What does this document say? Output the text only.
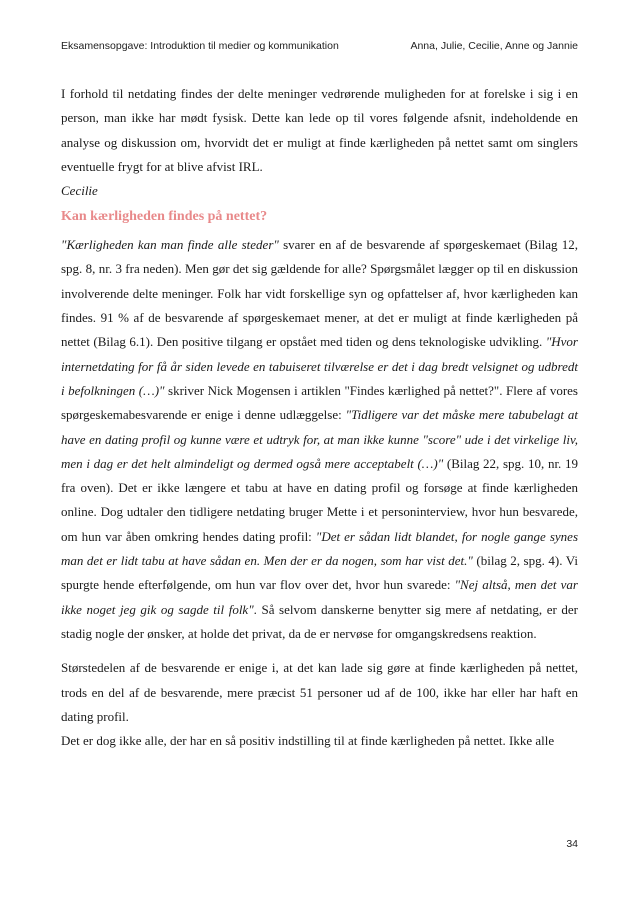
Eksamensopgave: Introduktion til medier og kommunikation	Anna, Julie, Cecilie, Anne og Jannie

I forhold til netdating findes der delte meninger vedrørende muligheden for at forelske i sig i en person, man ikke har mødt fysisk. Dette kan lede op til vores følgende afsnit, indeholdende en analyse og diskussion om, hvorvidt det er muligt at finde kærligheden på nettet samt om singlers eventuelle frygt for at blive afvist IRL.

Cecilie

Kan kærligheden findes på nettet?

"Kærligheden kan man finde alle steder" svarer en af de besvarende af spørgeskemaet (Bilag 12, spg. 8, nr. 3 fra neden). Men gør det sig gældende for alle? Spørgsmålet lægger op til en diskussion involverende delte meninger. Folk har vidt forskellige syn og opfattelser af, hvor kærligheden kan findes. 91 % af de besvarende af spørgeskemaet mener, at det er muligt at finde kærligheden på nettet (Bilag 6.1). Den positive tilgang er opstået med tiden og dens teknologiske udvikling. "Hvor internetdating for få år siden levede en tabuiseret tilværelse er det i dag bredt velsignet og udbredt i befolkningen (…)" skriver Nick Mogensen i artiklen "Findes kærlighed på nettet?". Flere af vores spørgeskemabesvarende er enige i denne udlæggelse: "Tidligere var det måske mere tabubelagt at have en dating profil og kunne være et udtryk for, at man ikke kunne "score" ude i det virkelige liv, men i dag er det helt almindeligt og dermed også mere acceptabelt (…)" (Bilag 22, spg. 10, nr. 19 fra oven). Det er ikke længere et tabu at have en dating profil og forsøge at finde kærligheden online. Dog udtaler den tidligere netdating bruger Mette i et personinterview, hvor hun besvarede, om hun var åben omkring hendes dating profil: "Det er sådan lidt blandet, for nogle gange synes man det er lidt tabu at have sådan en. Men der er da nogen, som har vist det." (bilag 2, spg. 4). Vi spurgte hende efterfølgende, om hun var flov over det, hvor hun svarede: "Nej altså, men det var ikke noget jeg gik og sagde til folk". Så selvom danskerne benytter sig mere af netdating, er der stadig nogle der ønsker, at holde det privat, da de er nervøse for omgangskredsens reaktion.

Størstedelen af de besvarende er enige i, at det kan lade sig gøre at finde kærligheden på nettet, trods en del af de besvarende, mere præcist 51 personer ud af de 100, ikke har eller har haft en dating profil.

Det er dog ikke alle, der har en så positiv indstilling til at finde kærligheden på nettet. Ikke alle

34
